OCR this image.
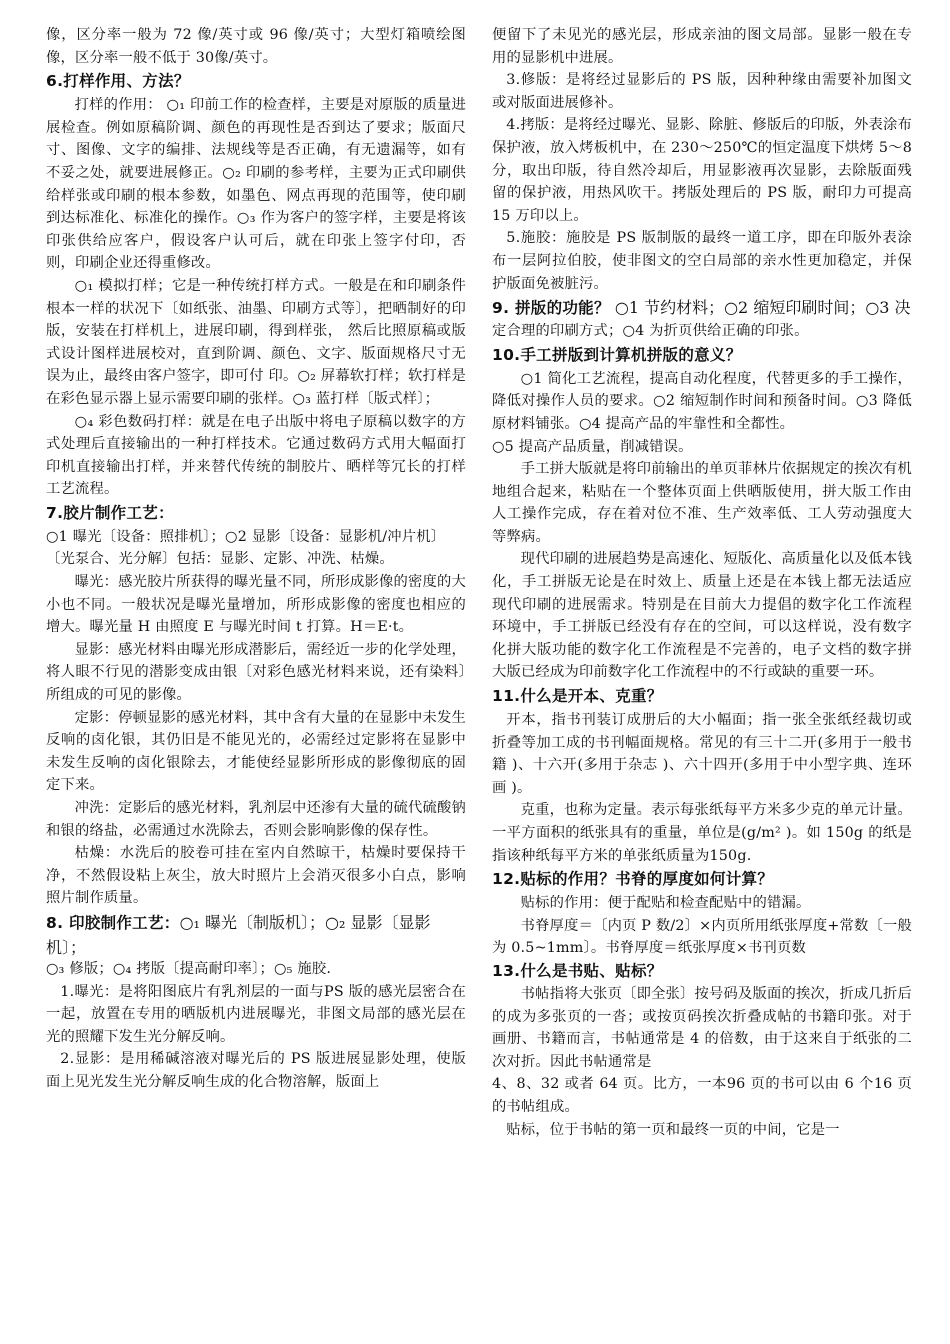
像，区分率一般为 72 像/英寸或 96 像/英寸；大型灯箱喷绘图像，区分率一般不低于 30像/英寸。

6.打样作用、方法？

打样的作用： ○₁ 印前工作的检查样，主要是对原版的质量进展检查。例如原稿阶调、颜色的再现性是否到达了要求；版面尺寸、图像、文字的编排、法规线等是否正确，有无遗漏等，如有不妥之处，就要进展修正。○₂ 印刷的参考样，主要为正式印刷供给样张或印刷的根本参数，如墨色、网点再现的范围等，使印刷到达标准化、标准化的操作。○₃ 作为客户的签字样，主要是将该印张供给应客户，假设客户认可后，就在印张上签字付印，否则，印刷企业还得重修改。

○₁ 模拟打样；它是一种传统打样方式。一般是在和印刷条件根本一样的状况下〔如纸张、油墨、印刷方式等〕，把晒制好的印版，安装在打样机上，进展印刷，得到样张， 然后比照原稿或版式设计图样进展校对，直到阶调、颜色、文字、版面规格尺寸无误为止，最终由客户签字，即可付 印。○₂ 屏幕软打样；软打样是在彩色显示器上显示需要印刷的张样。○₃ 蓝打样〔版式样〕；

○₄ 彩色数码打样：就是在电子出版中将电子原稿以数字的方式处理后直接输出的一种打样技术。它通过数码方式用大幅面打印机直接输出打样，并来替代传统的制胶片、晒样等冗长的打样工艺流程。

7.胶片制作工艺：

○1 曝光〔设备：照排机〕；○2 显影〔设备：显影机/冲片机〕

〔光泵合、光分解〕包括：显影、定影、冲洗、枯燥。

曝光：感光胶片所获得的曝光量不同，所形成影像的密度的大小也不同。一般状况是曝光量增加，所形成影像的密度也相应的增大。曝光量 H 由照度 E 与曝光时间 t 打算。H＝E·t。

显影：感光材料由曝光形成潜影后，需经近一步的化学处理，将人眼不行见的潜影变成由银〔对彩色感光材料来说，还有染料〕所组成的可见的影像。

定影：停顿显影的感光材料，其中含有大量的在显影中未发生反响的卤化银，其仍旧是不能见光的，必需经过定影将在显影中未发生反响的卤化银除去，才能使经显影所形成的影像彻底的固定下来。

冲洗：定影后的感光材料，乳剂层中还渗有大量的硫代硫酸钠和银的络盐，必需通过水洗除去，否则会影响影像的保存性。

枯燥：水洗后的胶卷可挂在室内自然晾干，枯燥时要保持干净，不然假设粘上灰尘，放大时照片上会消灭很多小白点，影响照片制作质量。

8. 印胶制作工艺：○₁ 曝光〔制版机〕；○₂ 显影〔显影机〕；

○₃ 修版；○₄ 拷版〔提高耐印率〕；○₅ 施胶.

1.曝光：是将阳图底片有乳剂层的一面与PS 版的感光层密合在一起，放置在专用的晒版机内进展曝光，非图文局部的感光层在光的照耀下发生光分解反响。

2.显影：是用稀碱溶液对曝光后的 PS 版进展显影处理，使版面上见光发生光分解反响生成的化合物溶解，版面上

便留下了未见光的感光层，形成亲油的图文局部。显影一般在专用的显影机中进展。

3.修版：是将经过显影后的 PS 版，因种种缘由需要补加图文或对版面进展修补。

4.拷版：是将经过曝光、显影、除脏、修版后的印版，外表涂布保护液，放入烤板机中，在 230～250℃的恒定温度下烘烤 5～8 分，取出印版，待自然冷却后，用显影液再次显影，去除版面残留的保护液，用热风吹干。拷版处理后的 PS 版，耐印力可提高 15 万印以上。

5.施胶：施胶是 PS 版制版的最终一道工序，即在印版外表涂布一层阿拉伯胶，使非图文的空白局部的亲水性更加稳定，并保护版面免被脏污。

9. 拼版的功能？ ○1 节约材料；○2 缩短印刷时间；○3 决

定合理的印刷方式；○4 为折页供给正确的印张。

10.手工拼版到计算机拼版的意义？

○1 简化工艺流程，提高自动化程度，代替更多的手工操作，降低对操作人员的要求。○2 缩短制作时间和预备时间。○3 降低原材料铺张。○4 提高产品的牢靠性和全都性。

○5 提高产品质量，削减错误。

手工拼大版就是将印前输出的单页菲林片依据规定的挨次有机地组合起来，粘贴在一个整体页面上供晒版使用，拼大版工作由人工操作完成，存在着对位不准、生产效率低、工人劳动强度大等弊病。

现代印刷的进展趋势是高速化、短版化、高质量化以及低本钱化，手工拼版无论是在时效上、质量上还是在本钱上都无法适应现代印刷的进展需求。特别是在目前大力提倡的数字化工作流程环境中，手工拼版已经没有存在的空间，可以这样说，没有数字化拼大版功能的数字化工作流程是不完善的，电子文档的数字拼大版已经成为印前数字化工作流程中的不行或缺的重要一环。

11.什么是开本、克重？

开本，指书刊装订成册后的大小幅面；指一张全张纸经裁切或折叠等加工成的书刊幅面规格。常见的有三十二开(多用于一般书籍 )、十六开(多用于杂志 )、六十四开(多用于中小型字典、连环画 )。

克重，也称为定量。表示每张纸每平方米多少克的单元计量。一平方面积的纸张具有的重量，单位是(g/m² )。如 150g 的纸是指该种纸每平方米的单张纸质量为150g.

12.贴标的作用？书脊的厚度如何计算？

贴标的作用：便于配贴和检查配贴中的错漏。

书脊厚度＝〔内页 P 数/2〕×内页所用纸张厚度+常数〔一般为 0.5~1mm〕。书脊厚度＝纸张厚度×书刊页数

13.什么是书贴、贴标？

书帖指将大张页〔即全张〕按号码及版面的挨次，折成几折后的成为多张页的一沓；或按页码挨次折叠成帖的书籍印张。对于画册、书籍而言，书帖通常是 4 的倍数，由于这来自于纸张的二次对折。因此书帖通常是

4、8、32 或者 64 页。比方，一本96 页的书可以由 6 个16 页的书帖组成。

贴标，位于书帖的第一页和最终一页的中间，它是一
